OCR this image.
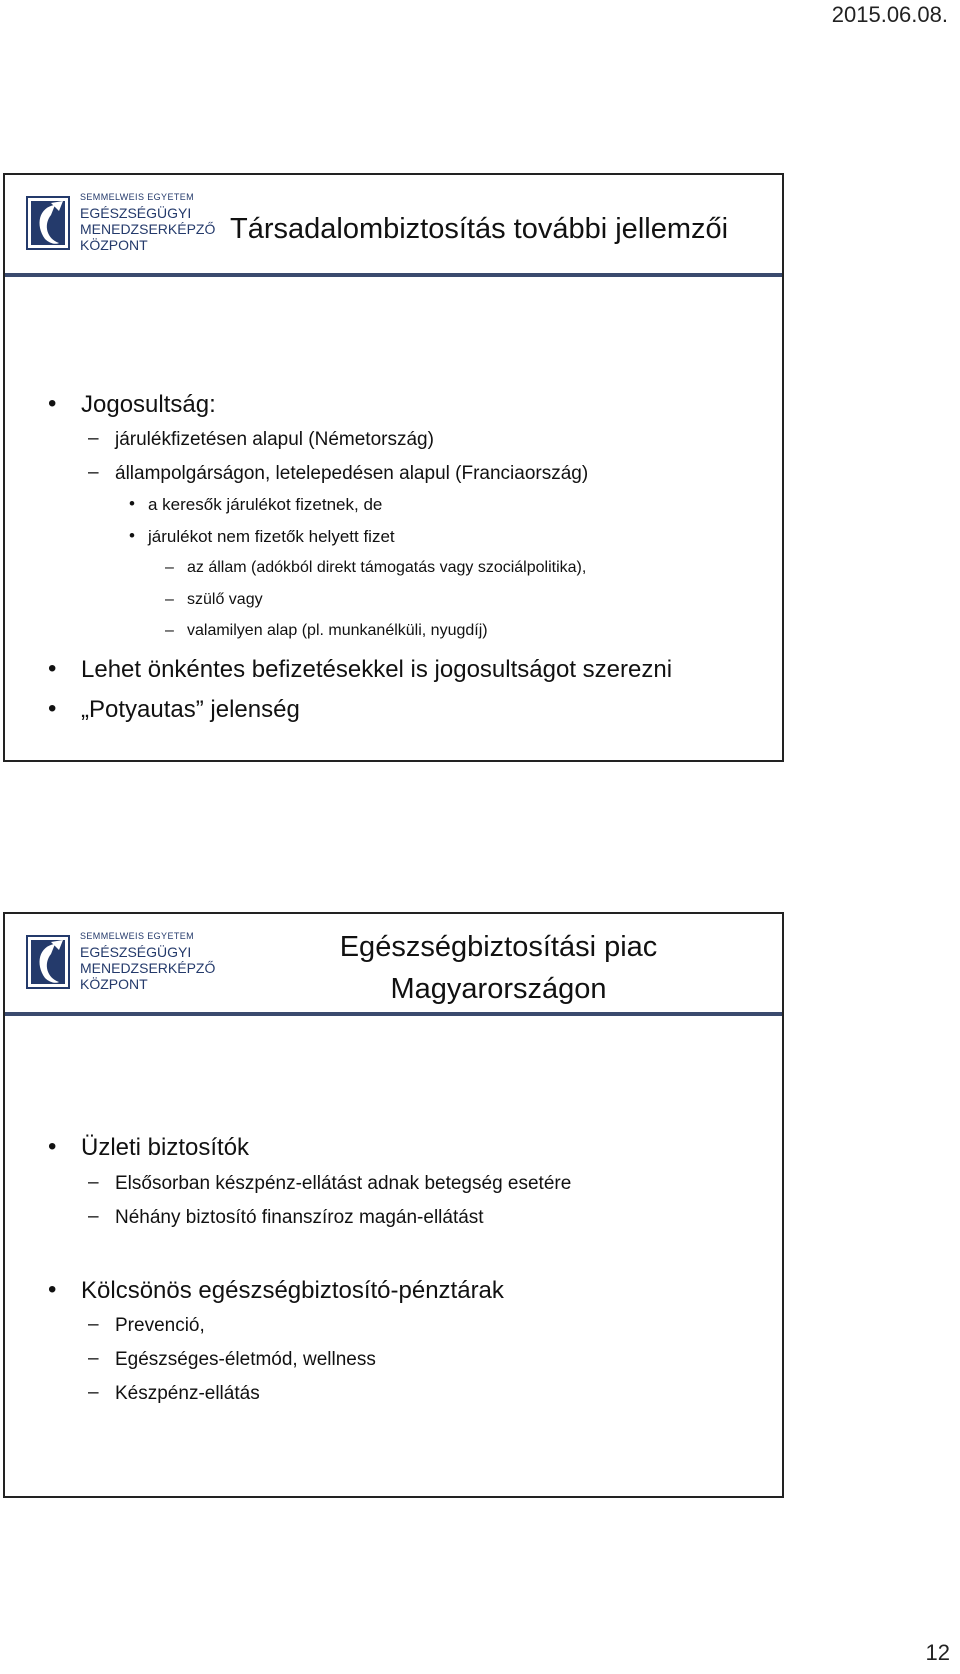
2015.06.08.
SEMMELWEIS EGYETEM
EGÉSZSÉGÜGYI
MENEDZSERKÉPZŐ
KÖZPONT	Társadalombiztosítás további jellemzői
• Jogosultság:
– járulékfizetésen alapul (Németország)
– állampolgárságon, letelepedésen alapul (Franciaország)
• a keresők járulékot fizetnek, de
• járulékot nem fizetők helyett fizet
– az állam (adókból direkt támogatás vagy szociálpolitika),
– szülő vagy
– valamilyen alap (pl. munkanélküli, nyugdíj)
• Lehet önkéntes befizetésekkel is jogosultságot szerezni
• „Potyautas” jelenség
SEMMELWEIS EGYETEM
EGÉSZSÉGÜGYI
MENEDZSERKÉPZŐ
KÖZPONT
Egészségbiztosítási piac
Magyarországon
• Üzleti biztosítók
– Elsősorban készpénz-ellátást adnak betegség esetére
– Néhány biztosító finanszíroz magán-ellátást
• Kölcsönös egészségbiztosító-pénztárak
– Prevenció,
– Egészséges-életmód, wellness
– Készpénz-ellátás
12
